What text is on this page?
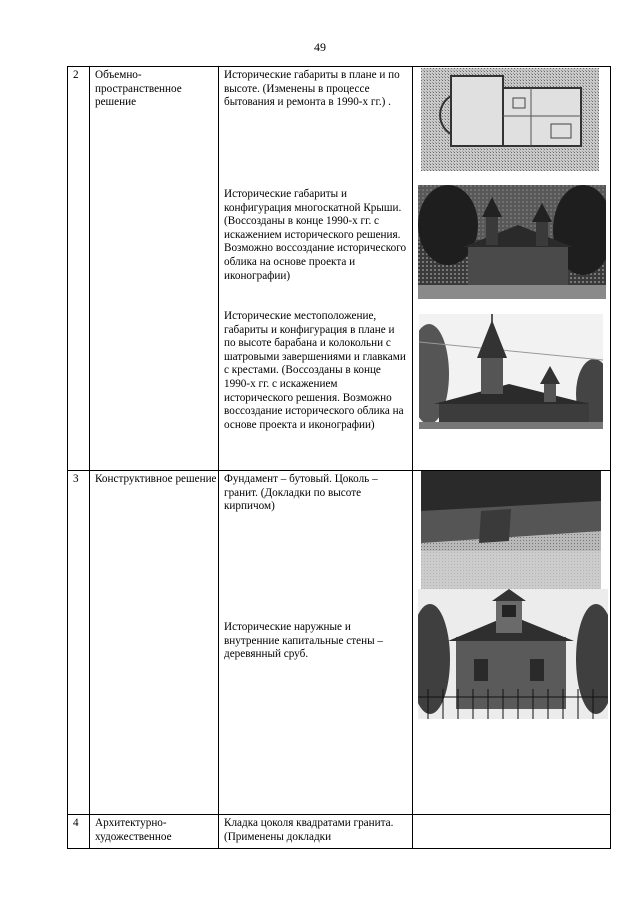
49
2	Объемно-пространственное решение	Исторические габариты в плане и по высоте. (Изменены в процессе бытования и ремонта в 1990-х гг.) .
Исторические габариты и конфигурация многоскатной Крыши. (Воссозданы в конце 1990-х гг. с искажением исторического решения. Возможно воссоздание исторического облика на основе проекта и иконографии)
Исторические местоположение, габариты и конфигурация в плане и по высоте барабана и колокольни с шатровыми завершениями и главками с крестами. (Воссозданы в конце 1990-х гг. с искажением исторического решения. Возможно воссоздание исторического облика на основе проекта и иконографии)

3	Конструктивное решение	Фундамент – бутовый. Цоколь – гранит. (Докладки по высоте кирпичом)
Исторические наружные и внутренние капитальные стены – деревянный сруб.

4	Архитектурно-художественное	Кладка цоколя квадратами гранита. (Применены докладки	
